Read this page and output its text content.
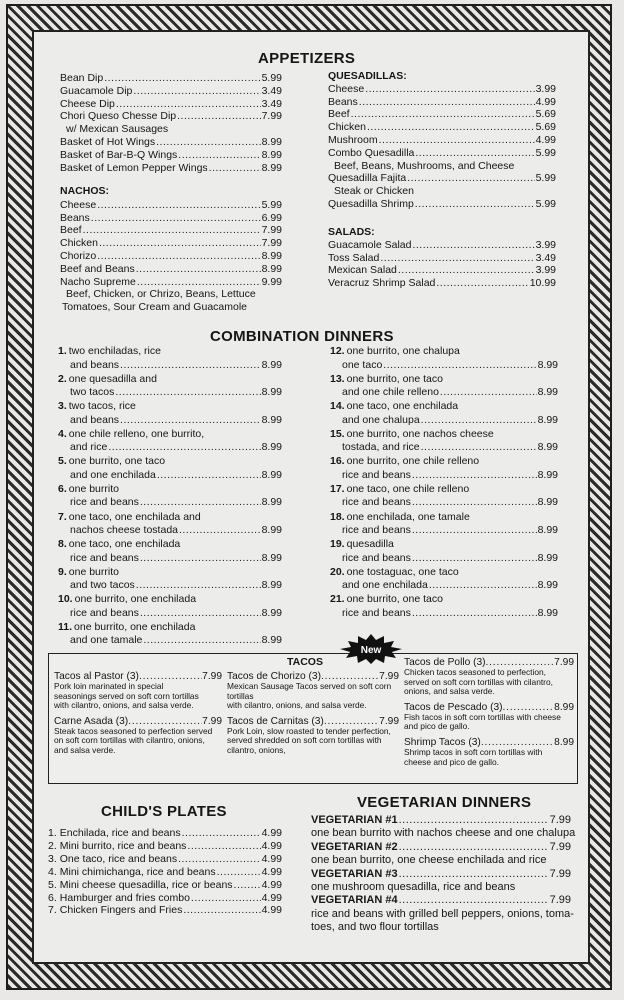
APPETIZERS
Bean Dip .....	5.99
Guacamole Dip .....	3.49
Cheese Dip .....	3.49
Chori Queso Chesse Dip .....	7.99
w/ Mexican Sausages
Basket of Hot Wings .....	8.99
Basket of Bar-B-Q Wings .....	8.99
Basket of Lemon Pepper Wings .....	8.99
NACHOS:
Cheese .....	5.99
Beans .....	6.99
Beef .....	7.99
Chicken .....	7.99
Chorizo .....	8.99
Beef and Beans .....	8.99
Nacho Supreme .....	9.99
Beef, Chicken, or Chrizo, Beans, Lettuce
Tomatoes, Sour Cream and Guacamole
QUESADILLAS:
Cheese .....	3.99
Beans .....	4.99
Beef .....	5.69
Chicken .....	5.69
Mushroom .....	4.99
Combo Quesadilla .....	5.99
Beef, Beans, Mushrooms, and Cheese
Quesadilla Fajita .....	5.99
Steak or Chicken
Quesadilla Shrimp .....	5.99
SALADS:
Guacamole Salad .....	3.99
Toss Salad .....	3.49
Mexican Salad .....	3.99
Veracruz Shrimp Salad .....	10.99
COMBINATION DINNERS
1. two enchiladas, rice
and beans .....	8.99
2. one quesadilla and
two tacos .....	8.99
3. two tacos, rice
and beans .....	8.99
4. one chile relleno, one burrito,
and rice .....	8.99
5. one burrito, one taco
and one enchilada .....	8.99
6. one burrito
rice and beans .....	8.99
7. one taco, one enchilada and
nachos cheese tostada .....	8.99
8. one taco, one enchilada
rice and beans .....	8.99
9. one burrito
and two tacos .....	8.99
10. one burrito, one enchilada
rice and beans .....	8.99
11. one burrito, one enchilada
and one tamale .....	8.99
12. one burrito, one chalupa
one taco .....	8.99
13. one burrito, one taco
and one chile relleno .....	8.99
14. one taco, one enchilada
and one chalupa .....	8.99
15. one burrito, one nachos cheese
tostada, and rice .....	8.99
16. one burrito, one chile relleno
rice and beans .....	8.99
17. one taco, one chile relleno
rice and beans .....	8.99
18. one enchilada, one tamale
rice and beans .....	8.99
19. quesadilla
rice and beans .....	8.99
20. one tostaguac, one taco
and one enchilada .....	8.99
21. one burrito, one taco
rice and beans .....	8.99
TACOS
Tacos al Pastor (3) .....	7.99
Pork loin marinated in special
seasonings served on soft corn tortillas
with cilantro, onions, and salsa verde.
Carne Asada (3) .....	7.99
Steak tacos seasoned to perfection served
on soft corn tortillas with cilantro, onions,
and salsa verde.
Tacos de Chorizo (3) .....	7.99
Mexican Sausage Tacos served on soft corn
tortillas
with cilantro, onions, and salsa verde.
Tacos de Carnitas (3) .....	7.99
Pork Loin, slow roasted to tender perfection,
served shredded on soft corn tortillas with
cilantro, onions,
Tacos de Pollo (3) .....	7.99
Chicken tacos seasoned to perfection,
served on soft corn tortillas with cilantro,
onions, and salsa verde.
Tacos de Pescado (3) .....	8.99
Fish tacos in soft corn tortillas with cheese
and pico de gallo.
Shrimp Tacos (3) .....	8.99
Shrimp tacos in soft corn tortillas with
cheese and pico de gallo.
New
CHILD'S PLATES
1. Enchilada, rice and beans .....	4.99
2. Mini burrito, rice and beans .....	4.99
3. One taco, rice and beans .....	4.99
4. Mini chimichanga, rice and beans .....	4.99
5. Mini cheese quesadilla, rice or beans .....	4.99
6. Hamburger and fries combo .....	4.99
7. Chicken Fingers and Fries .....	4.99
VEGETARIAN DINNERS
VEGETARIAN #1 .....	7.99
one bean burrito with nachos cheese and one chalupa
VEGETARIAN #2 .....	7.99
one bean burrito, one cheese enchilada and rice
VEGETARIAN #3 .....	7.99
one mushroom quesadilla, rice and beans
VEGETARIAN #4 .....	7.99
rice and beans with grilled bell peppers, onions, toma-
toes, and two flour tortillas
